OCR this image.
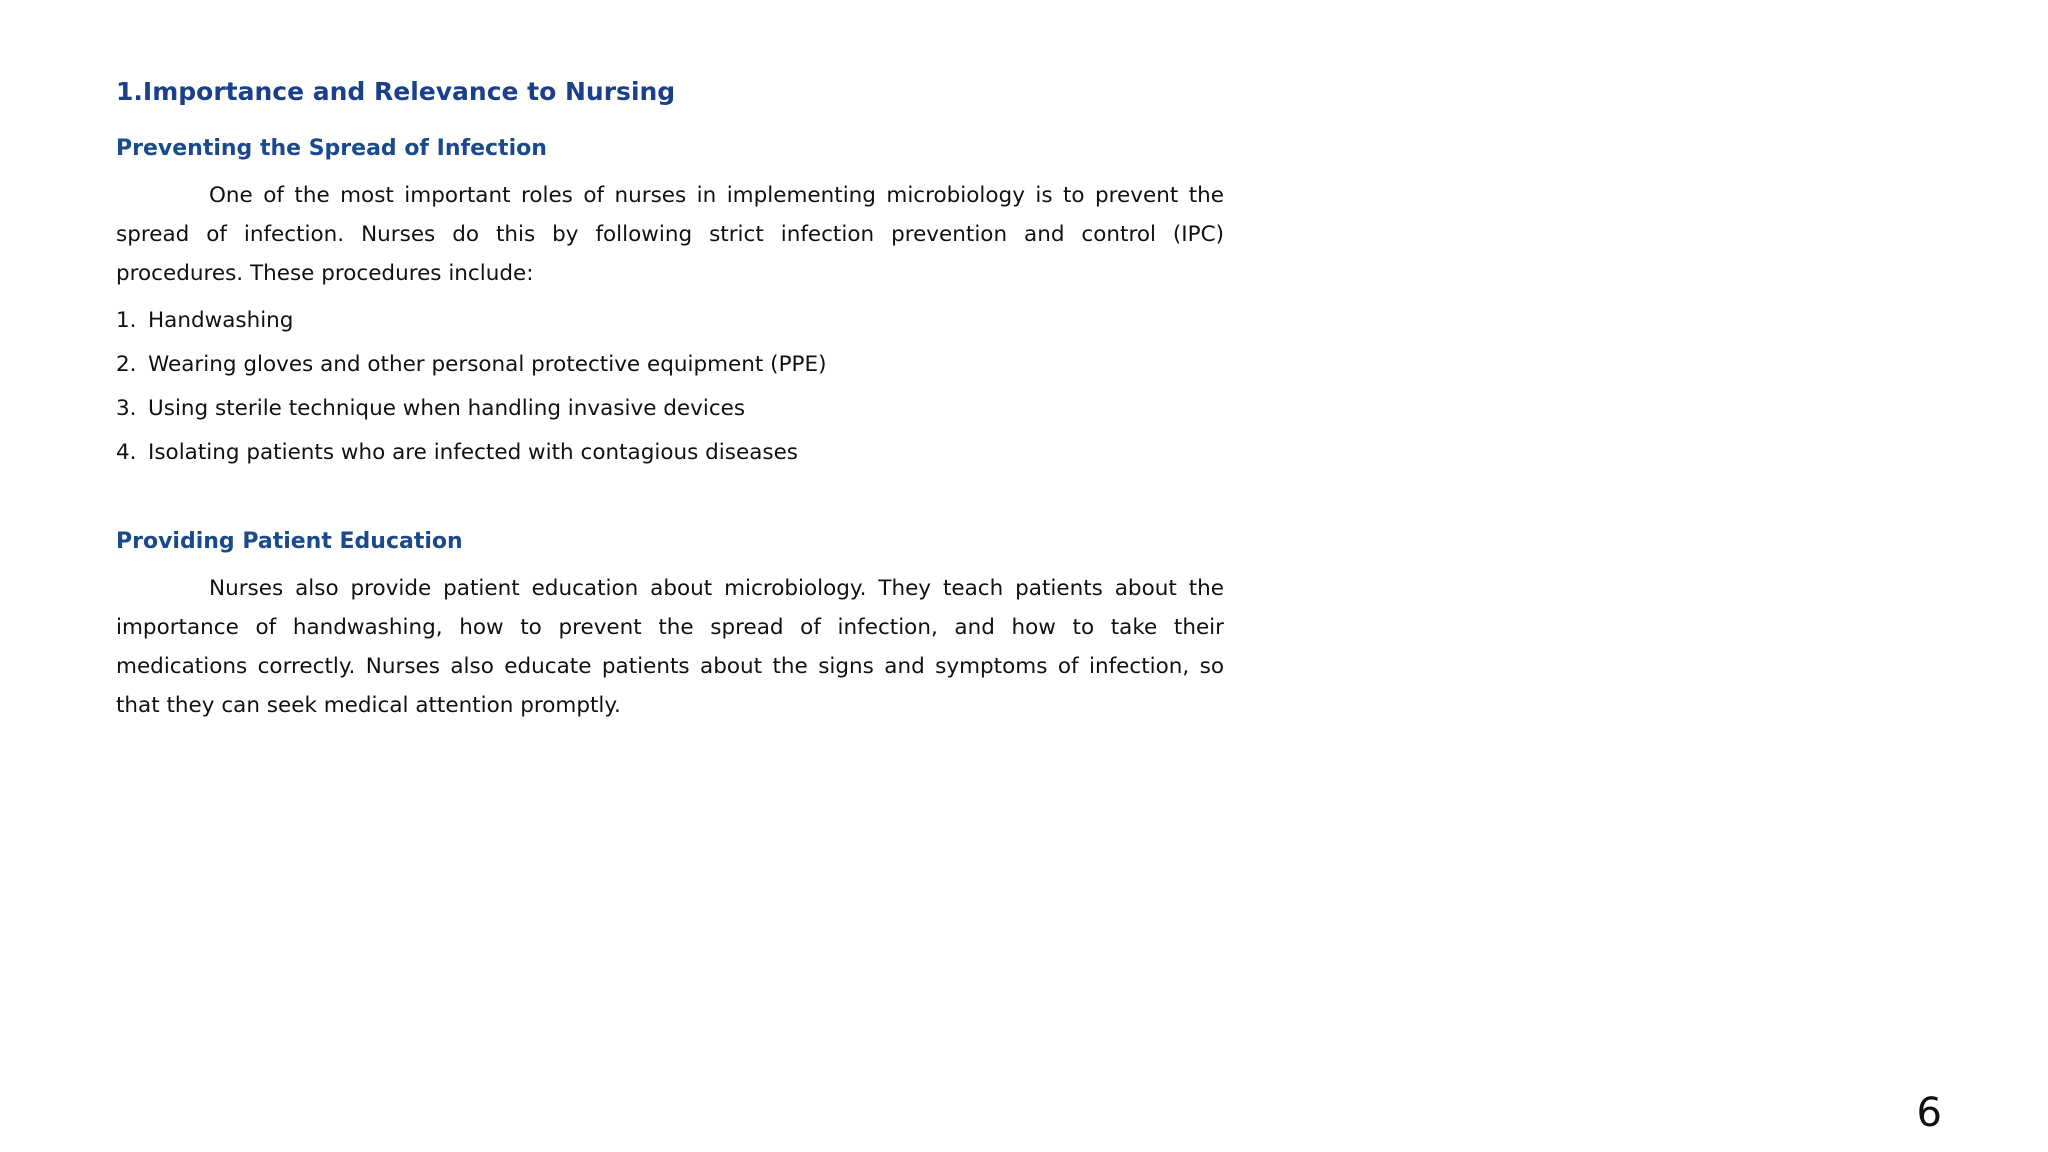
1.Importance and Relevance to Nursing
Preventing the Spread of Infection

One of the most important roles of nurses in implementing microbiology is to prevent the spread of infection. Nurses do this by following strict infection prevention and control (IPC) procedures. These procedures include:

1. Handwashing
2. Wearing gloves and other personal protective equipment (PPE)
3. Using sterile technique when handling invasive devices
4. Isolating patients who are infected with contagious diseases
Providing Patient Education

Nurses also provide patient education about microbiology. They teach patients about the importance of handwashing, how to prevent the spread of infection, and how to take their medications correctly. Nurses also educate patients about the signs and symptoms of infection, so that they can seek medical attention promptly.

6
